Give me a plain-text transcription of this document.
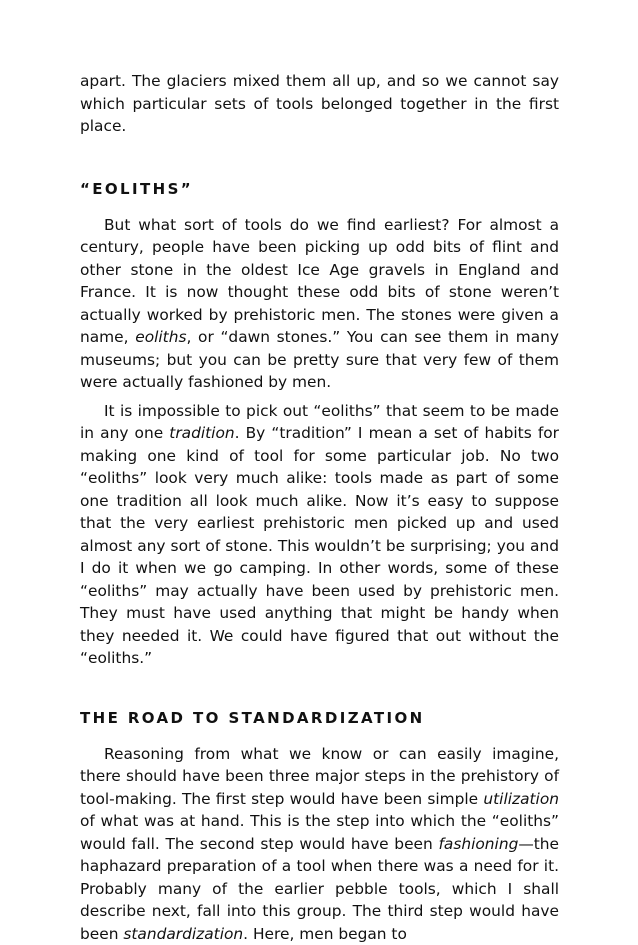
apart. The glaciers mixed them all up, and so we cannot say which particular sets of tools belonged together in the first place.

“EOLITHS”

But what sort of tools do we find earliest? For almost a century, people have been picking up odd bits of flint and other stone in the oldest Ice Age gravels in England and France. It is now thought these odd bits of stone weren’t actually worked by prehistoric men. The stones were given a name, eoliths, or “dawn stones.” You can see them in many museums; but you can be pretty sure that very few of them were actually fashioned by men.

It is impossible to pick out “eoliths” that seem to be made in any one tradition. By “tradition” I mean a set of habits for making one kind of tool for some particular job. No two “eoliths” look very much alike: tools made as part of some one tradition all look much alike. Now it’s easy to suppose that the very earliest prehistoric men picked up and used almost any sort of stone. This wouldn’t be surprising; you and I do it when we go camping. In other words, some of these “eoliths” may actually have been used by prehistoric men. They must have used anything that might be handy when they needed it. We could have figured that out without the “eoliths.”

THE ROAD TO STANDARDIZATION

Reasoning from what we know or can easily imagine, there should have been three major steps in the prehistory of tool-making. The first step would have been simple utilization of what was at hand. This is the step into which the “eoliths” would fall. The second step would have been fashioning—the haphazard preparation of a tool when there was a need for it. Probably many of the earlier pebble tools, which I shall describe next, fall into this group. The third step would have been standardization. Here, men began to
